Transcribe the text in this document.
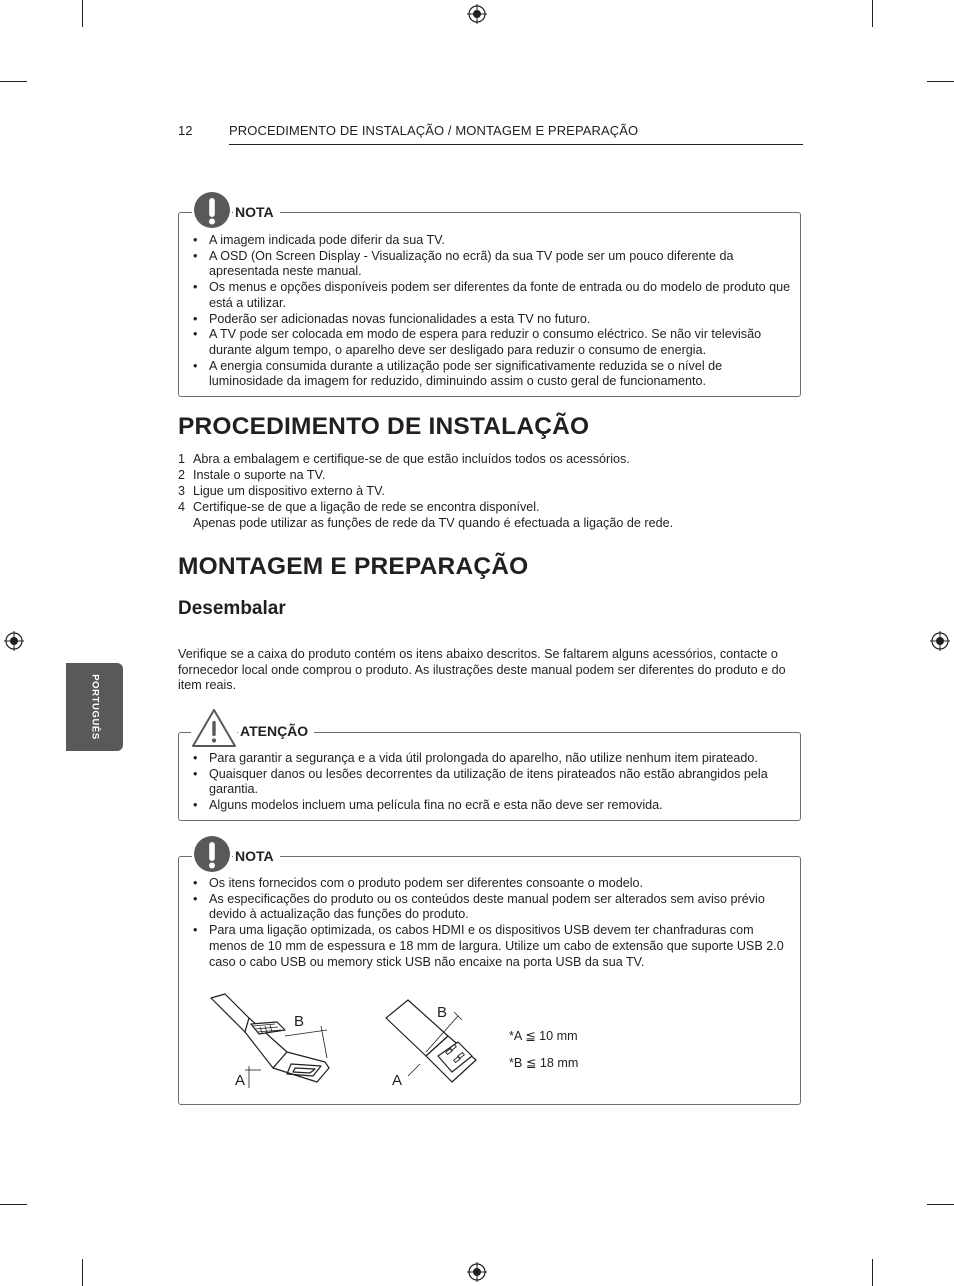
12	PROCEDIMENTO DE INSTALAÇÃO / MONTAGEM E PREPARAÇÃO
PORTUGUÊS
NOTA
• A imagem indicada pode diferir da sua TV.
• A OSD (On Screen Display - Visualização no ecrã) da sua TV pode ser um pouco diferente da apresentada neste manual.
• Os menus e opções disponíveis podem ser diferentes da fonte de entrada ou do modelo de produto que está a utilizar.
• Poderão ser adicionadas novas funcionalidades a esta TV no futuro.
• A TV pode ser colocada em modo de espera para reduzir o consumo eléctrico. Se não vir televisão durante algum tempo, o aparelho deve ser desligado para reduzir o consumo de energia.
• A energia consumida durante a utilização pode ser significativamente reduzida se o nível de luminosidade da imagem for reduzido, diminuindo assim o custo geral de funcionamento.
PROCEDIMENTO DE INSTALAÇÃO
1 Abra a embalagem e certifique-se de que estão incluídos todos os acessórios.
2 Instale o suporte na TV.
3 Ligue um dispositivo externo à TV.
4 Certifique-se de que a ligação de rede se encontra disponível.
Apenas pode utilizar as funções de rede da TV quando é efectuada a ligação de rede.
MONTAGEM E PREPARAÇÃO
Desembalar
Verifique se a caixa do produto contém os itens abaixo descritos. Se faltarem alguns acessórios, contacte o fornecedor local onde comprou o produto. As ilustrações deste manual podem ser diferentes do produto e do item reais.
ATENÇÃO
• Para garantir a segurança e a vida útil prolongada do aparelho, não utilize nenhum item pirateado.
• Quaisquer danos ou lesões decorrentes da utilização de itens pirateados não estão abrangidos pela garantia.
• Alguns modelos incluem uma película fina no ecrã e esta não deve ser removida.
NOTA
• Os itens fornecidos com o produto podem ser diferentes consoante o modelo.
• As especificações do produto ou os conteúdos deste manual podem ser alterados sem aviso prévio devido à actualização das funções do produto.
• Para uma ligação optimizada, os cabos HDMI e os dispositivos USB devem ter chanfraduras com menos de 10 mm de espessura e 18 mm de largura. Utilize um cabo de extensão que suporte USB 2.0 caso o cabo USB ou memory stick USB não encaixe na porta USB da sua TV.
B
A
B
A
*A ≦ 10 mm
*B ≦ 18 mm
